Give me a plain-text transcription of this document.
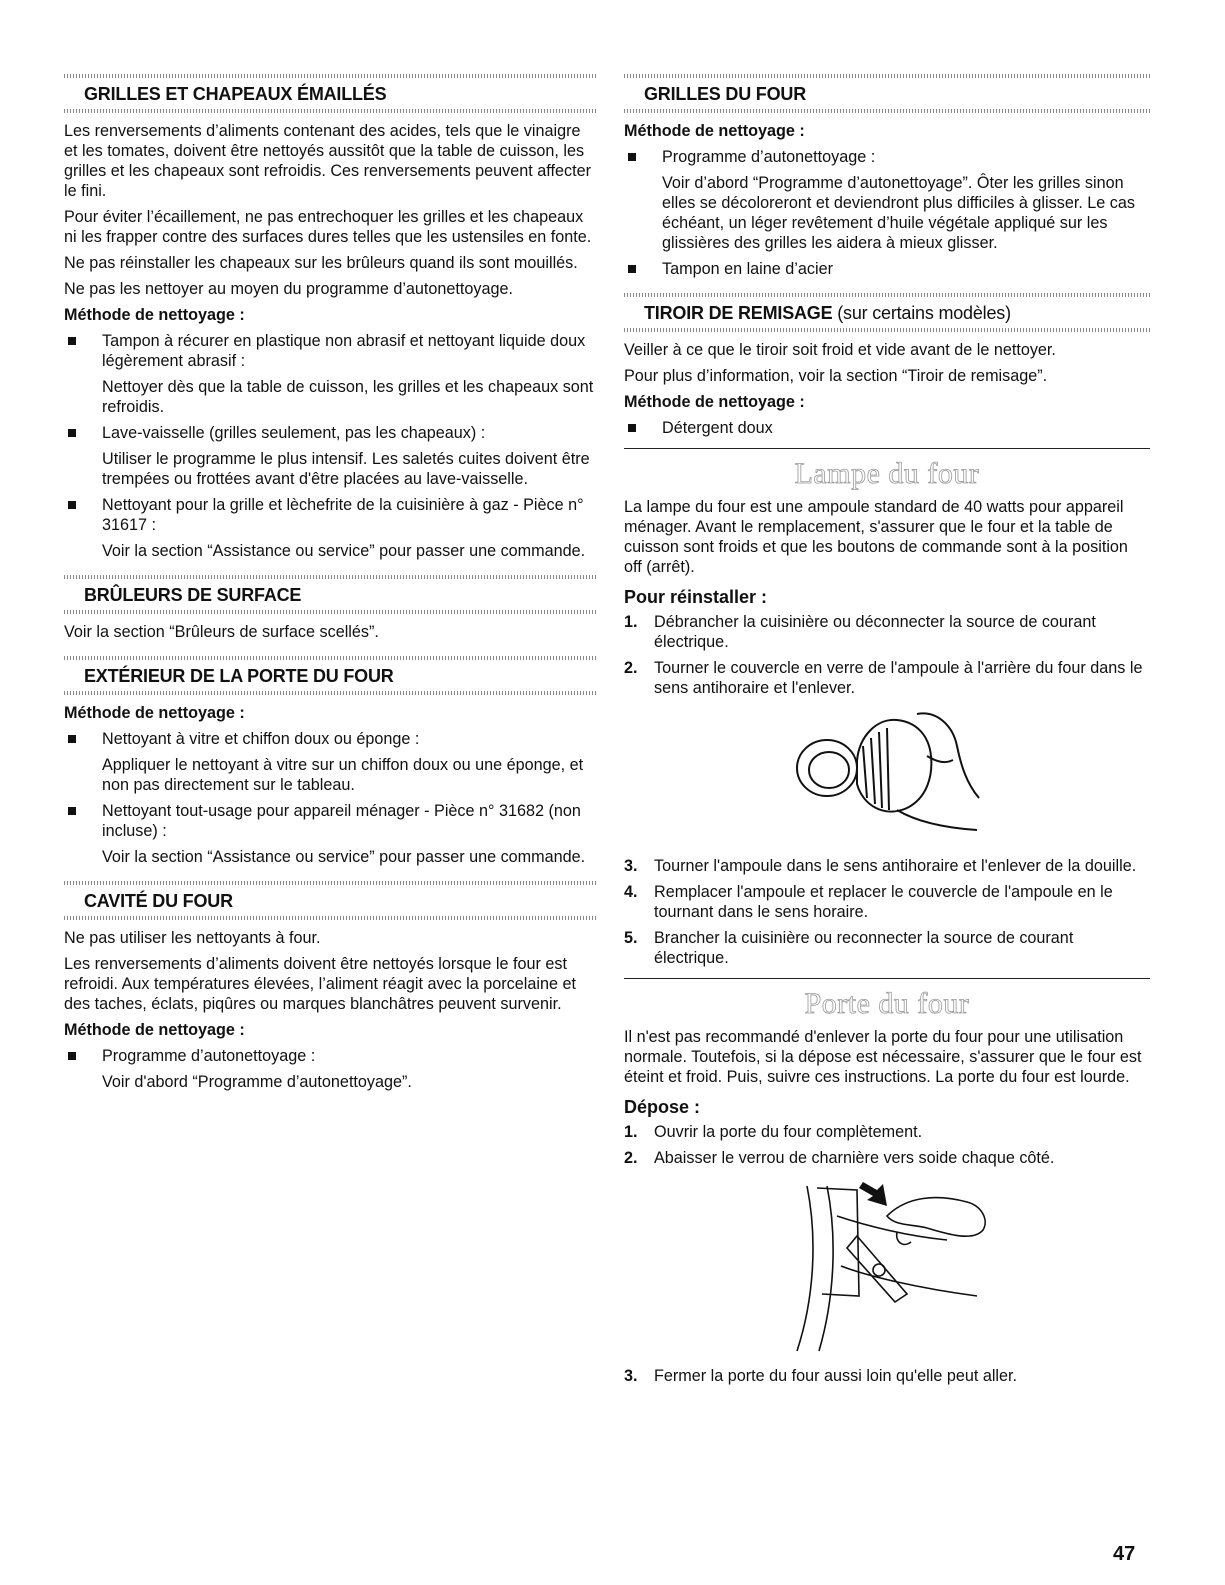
GRILLES ET CHAPEAUX ÉMAILLÉS

Les renversements d’aliments contenant des acides, tels que le vinaigre et les tomates, doivent être nettoyés aussitôt que la table de cuisson, les grilles et les chapeaux sont refroidis. Ces renversements peuvent affecter le fini.

Pour éviter l’écaillement, ne pas entrechoquer les grilles et les chapeaux ni les frapper contre des surfaces dures telles que les ustensiles en fonte.

Ne pas réinstaller les chapeaux sur les brûleurs quand ils sont mouillés.

Ne pas les nettoyer au moyen du programme d’autonettoyage.

Méthode de nettoyage :
Tampon à récurer en plastique non abrasif et nettoyant liquide doux légèrement abrasif :
Nettoyer dès que la table de cuisson, les grilles et les chapeaux sont refroidis.
Lave-vaisselle (grilles seulement, pas les chapeaux) :
Utiliser le programme le plus intensif. Les saletés cuites doivent être trempées ou frottées avant d'être placées au lave-vaisselle.
Nettoyant pour la grille et lèchefrite de la cuisinière à gaz - Pièce n° 31617 :
Voir la section “Assistance ou service” pour passer une commande.
BRÛLEURS DE SURFACE

Voir la section “Brûleurs de surface scellés”.

EXTÉRIEUR DE LA PORTE DU FOUR
Méthode de nettoyage :
Nettoyant à vitre et chiffon doux ou éponge :
Appliquer le nettoyant à vitre sur un chiffon doux ou une éponge, et non pas directement sur le tableau.
Nettoyant tout-usage pour appareil ménager - Pièce n° 31682 (non incluse) :
Voir la section “Assistance ou service” pour passer une commande.
CAVITÉ DU FOUR

Ne pas utiliser les nettoyants à four.

Les renversements d’aliments doivent être nettoyés lorsque le four est refroidi. Aux températures élevées, l’aliment réagit avec la porcelaine et des taches, éclats, piqûres ou marques blanchâtres peuvent survenir.

Méthode de nettoyage :
Programme d’autonettoyage :
Voir d'abord “Programme d’autonettoyage”.
GRILLES DU FOUR
Méthode de nettoyage :
Programme d’autonettoyage :
Voir d’abord “Programme d’autonettoyage”. Ôter les grilles sinon elles se décoloreront et deviendront plus difficiles à glisser. Le cas échéant, un léger revêtement d’huile végétale appliqué sur les glissières des grilles les aidera à mieux glisser.
Tampon en laine d’acier
TIROIR DE REMISAGE (sur certains modèles)

Veiller à ce que le tiroir soit froid et vide avant de le nettoyer.

Pour plus d’information, voir la section “Tiroir de remisage”.

Méthode de nettoyage :
Détergent doux
Lampe du four

La lampe du four est une ampoule standard de 40 watts pour appareil ménager. Avant le remplacement, s'assurer que le four et la table de cuisson sont froids et que les boutons de commande sont à la position off (arrêt).

Pour réinstaller :
1. Débrancher la cuisinière ou déconnecter la source de courant électrique.
2. Tourner le couvercle en verre de l'ampoule à l'arrière du four dans le sens antihoraire et l'enlever.
3. Tourner l'ampoule dans le sens antihoraire et l'enlever de la douille.
4. Remplacer l'ampoule et replacer le couvercle de l'ampoule en le tournant dans le sens horaire.
5. Brancher la cuisinière ou reconnecter la source de courant électrique.
Porte du four

Il n'est pas recommandé d'enlever la porte du four pour une utilisation normale. Toutefois, si la dépose est nécessaire, s'assurer que le four est éteint et froid. Puis, suivre ces instructions. La porte du four est lourde.

Dépose :
1. Ouvrir la porte du four complètement.
2. Abaisser le verrou de charnière vers soide chaque côté.
3. Fermer la porte du four aussi loin qu'elle peut aller.
47
